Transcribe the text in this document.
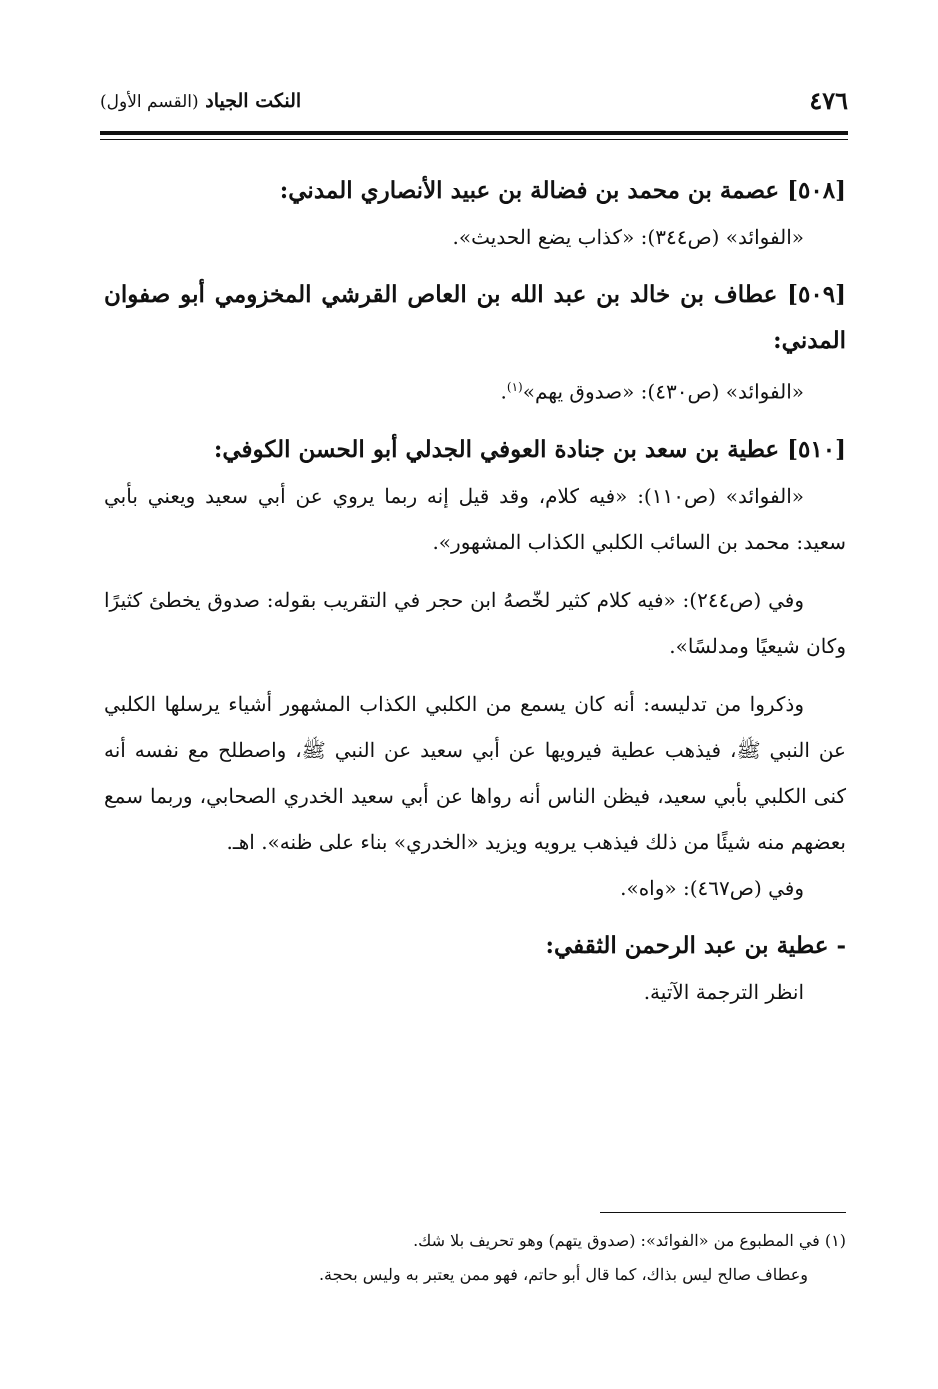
٤٧٦
النكت الجياد (القسم الأول)

[٥٠٨] عصمة بن محمد بن فضالة بن عبيد الأنصاري المدني:

«الفوائد» (ص٣٤٤): «كذاب يضع الحديث».

[٥٠٩] عطاف بن خالد بن عبد الله بن العاص القرشي المخزومي أبو صفوان المدني:

«الفوائد» (ص٤٣٠): «صدوق يهم»$^{(١)}$.

[٥١٠] عطية بن سعد بن جنادة العوفي الجدلي أبو الحسن الكوفي:

«الفوائد» (ص١١٠): «فيه كلام، وقد قيل إنه ربما يروي عن أبي سعيد ويعني بأبي سعيد: محمد بن السائب الكلبي الكذاب المشهور».

وفي (ص٢٤٤): «فيه كلام كثير لخّصهُ ابن حجر في التقريب بقوله: صدوق يخطئ كثيرًا وكان شيعيًا ومدلسًا».

وذكروا من تدليسه: أنه كان يسمع من الكلبي الكذاب المشهور أشياء يرسلها الكلبي عن النبي ﷺ، فيذهب عطية فيرويها عن أبي سعيد عن النبي ﷺ، واصطلح مع نفسه أنه كنى الكلبي بأبي سعيد، فيظن الناس أنه رواها عن أبي سعيد الخدري الصحابي، وربما سمع بعضهم منه شيئًا من ذلك فيذهب يرويه ويزيد «الخدري» بناء على ظنه». اهـ.

وفي (ص٤٦٧): «واه».

- عطية بن عبد الرحمن الثقفي:

انظر الترجمة الآتية.

(١) في المطبوع من «الفوائد»: (صدوق يتهم) وهو تحريف بلا شك.

وعطاف صالح ليس بذاك، كما قال أبو حاتم، فهو ممن يعتبر به وليس بحجة.
